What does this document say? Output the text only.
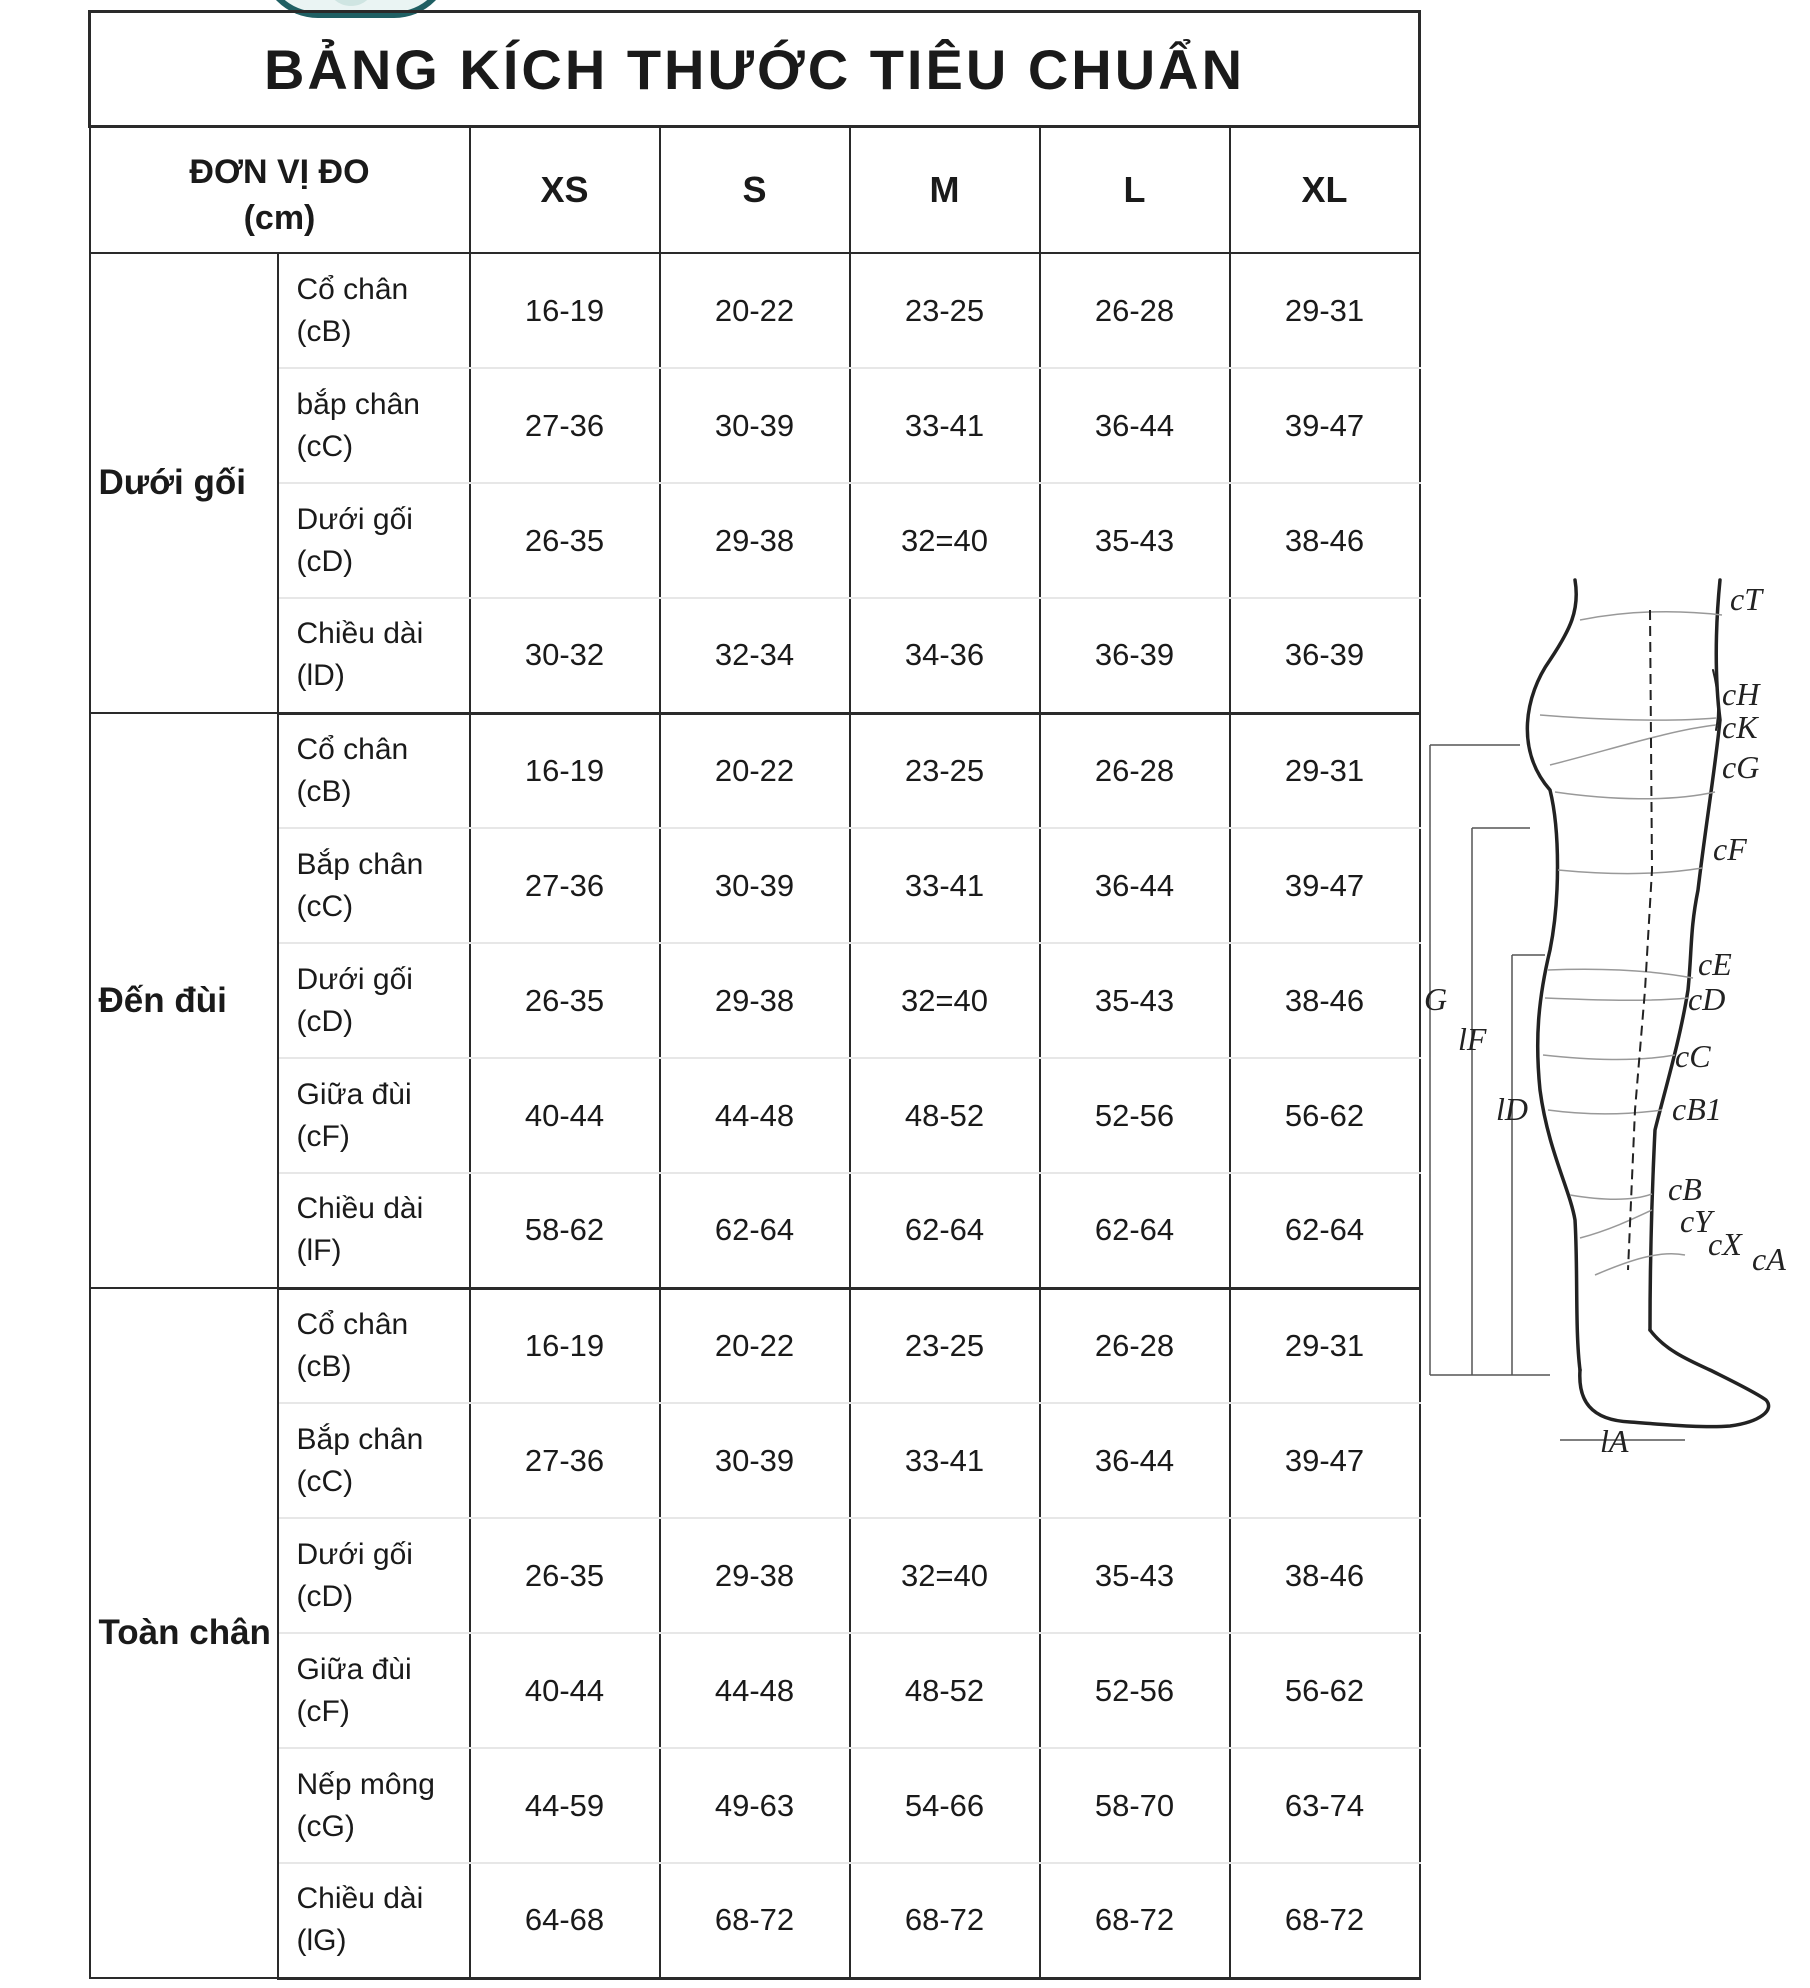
BẢNG KÍCH THƯỚC TIÊU CHUẨN						

ĐƠN VỊ ĐO
(cm)		XS	S	M	L	XL
Dưới gối	Cổ chân
(cB)	16-19	20-22	23-25	26-28	29-31

	bắp chân
(cC)	27-36	30-39	33-41	36-44	39-47

	Dưới gối
(cD)	26-35	29-38	32=40	35-43	38-46

	Chiều dài
(lD)	30-32	32-34	34-36	36-39	36-39
Đến đùi	Cổ chân
(cB)	16-19	20-22	23-25	26-28	29-31

	Bắp chân
(cC)	27-36	30-39	33-41	36-44	39-47

	Dưới gối
(cD)	26-35	29-38	32=40	35-43	38-46

	Giữa đùi
(cF)	40-44	44-48	48-52	52-56	56-62

	Chiều dài
(lF)	58-62	62-64	62-64	62-64	62-64
Toàn chân	Cổ chân
(cB)	16-19	20-22	23-25	26-28	29-31

	Bắp chân
(cC)	27-36	30-39	33-41	36-44	39-47

	Dưới gối
(cD)	26-35	29-38	32=40	35-43	38-46

	Giữa đùi
(cF)	40-44	44-48	48-52	52-56	56-62

	Nếp mông
(cG)	44-59	49-63	54-66	58-70	63-74

	Chiều dài
(lG)	64-68	68-72	68-72	68-72	68-72
cT
cH
cK
cG
cF
cE
cD
cC
cB1
cB
cY
cX cA
G
lF
lD
lA
